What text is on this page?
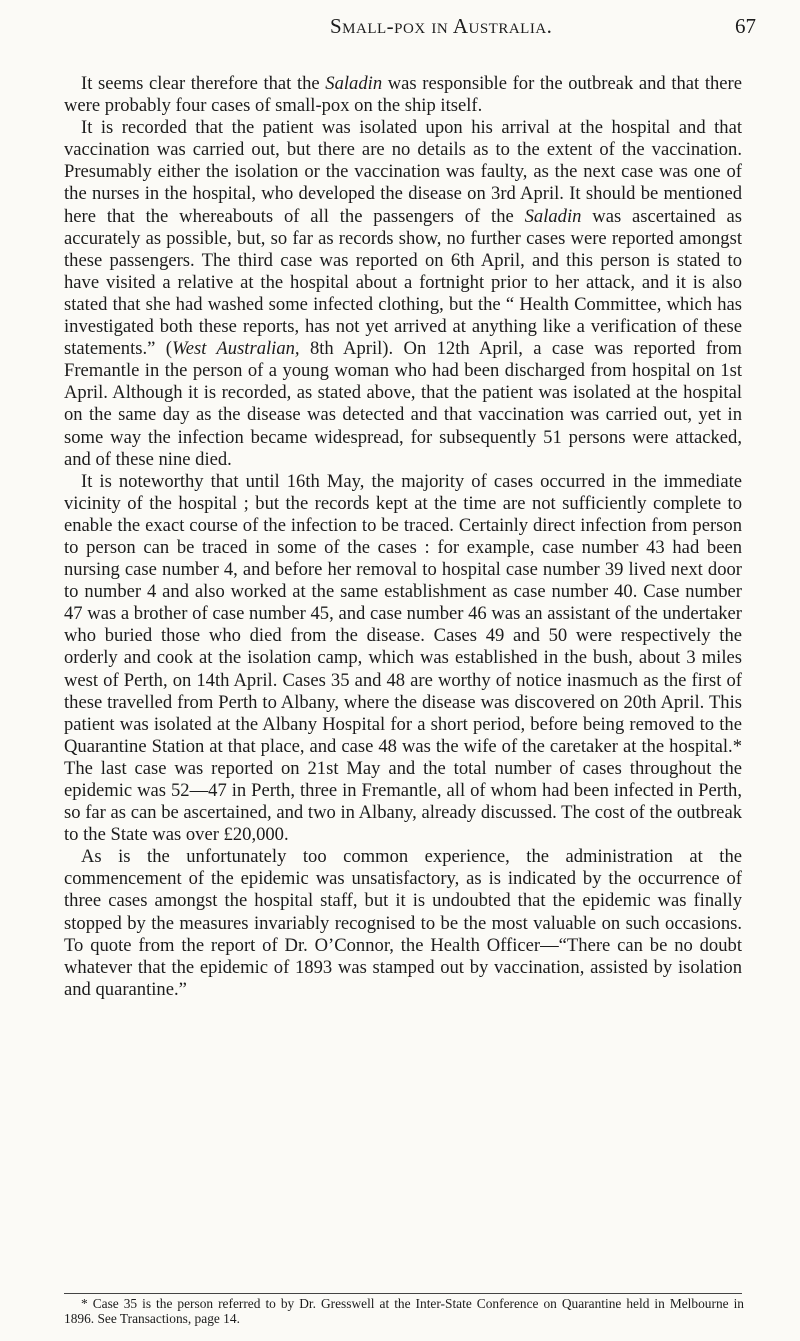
Small-pox in Australia.	67

It seems clear therefore that the Saladin was responsible for the outbreak and that there were probably four cases of small-pox on the ship itself.

It is recorded that the patient was isolated upon his arrival at the hospital and that vaccination was carried out, but there are no details as to the extent of the vaccination. Presumably either the isolation or the vaccination was faulty, as the next case was one of the nurses in the hospital, who developed the disease on 3rd April. It should be mentioned here that the whereabouts of all the passengers of the Saladin was ascertained as accurately as possible, but, so far as records show, no further cases were reported amongst these passengers. The third case was reported on 6th April, and this person is stated to have visited a relative at the hospital about a fortnight prior to her attack, and it is also stated that she had washed some infected clothing, but the “ Health Committee, which has investigated both these reports, has not yet arrived at anything like a verification of these statements.” (West Australian, 8th April). On 12th April, a case was reported from Fremantle in the person of a young woman who had been discharged from hospital on 1st April. Although it is recorded, as stated above, that the patient was isolated at the hospital on the same day as the disease was detected and that vaccination was carried out, yet in some way the infection became widespread, for subsequently 51 persons were attacked, and of these nine died.

It is noteworthy that until 16th May, the majority of cases occurred in the immediate vicinity of the hospital ; but the records kept at the time are not sufficiently complete to enable the exact course of the infection to be traced. Certainly direct infection from person to person can be traced in some of the cases : for example, case number 43 had been nursing case number 4, and before her removal to hospital case number 39 lived next door to number 4 and also worked at the same establishment as case number 40. Case number 47 was a brother of case number 45, and case number 46 was an assistant of the undertaker who buried those who died from the disease. Cases 49 and 50 were respectively the orderly and cook at the isolation camp, which was established in the bush, about 3 miles west of Perth, on 14th April. Cases 35 and 48 are worthy of notice inasmuch as the first of these travelled from Perth to Albany, where the disease was discovered on 20th April. This patient was isolated at the Albany Hospital for a short period, before being removed to the Quarantine Station at that place, and case 48 was the wife of the caretaker at the hospital.* The last case was reported on 21st May and the total number of cases throughout the epidemic was 52—47 in Perth, three in Fremantle, all of whom had been infected in Perth, so far as can be ascertained, and two in Albany, already discussed. The cost of the outbreak to the State was over £20,000.

As is the unfortunately too common experience, the administration at the commencement of the epidemic was unsatisfactory, as is indicated by the occurrence of three cases amongst the hospital staff, but it is undoubted that the epidemic was finally stopped by the measures invariably recognised to be the most valuable on such occasions. To quote from the report of Dr. O’Connor, the Health Officer—“There can be no doubt whatever that the epidemic of 1893 was stamped out by vaccination, assisted by isolation and quarantine.”

* Case 35 is the person referred to by Dr. Gresswell at the Inter-State Conference on Quarantine held in Melbourne in 1896. See Transactions, page 14.
